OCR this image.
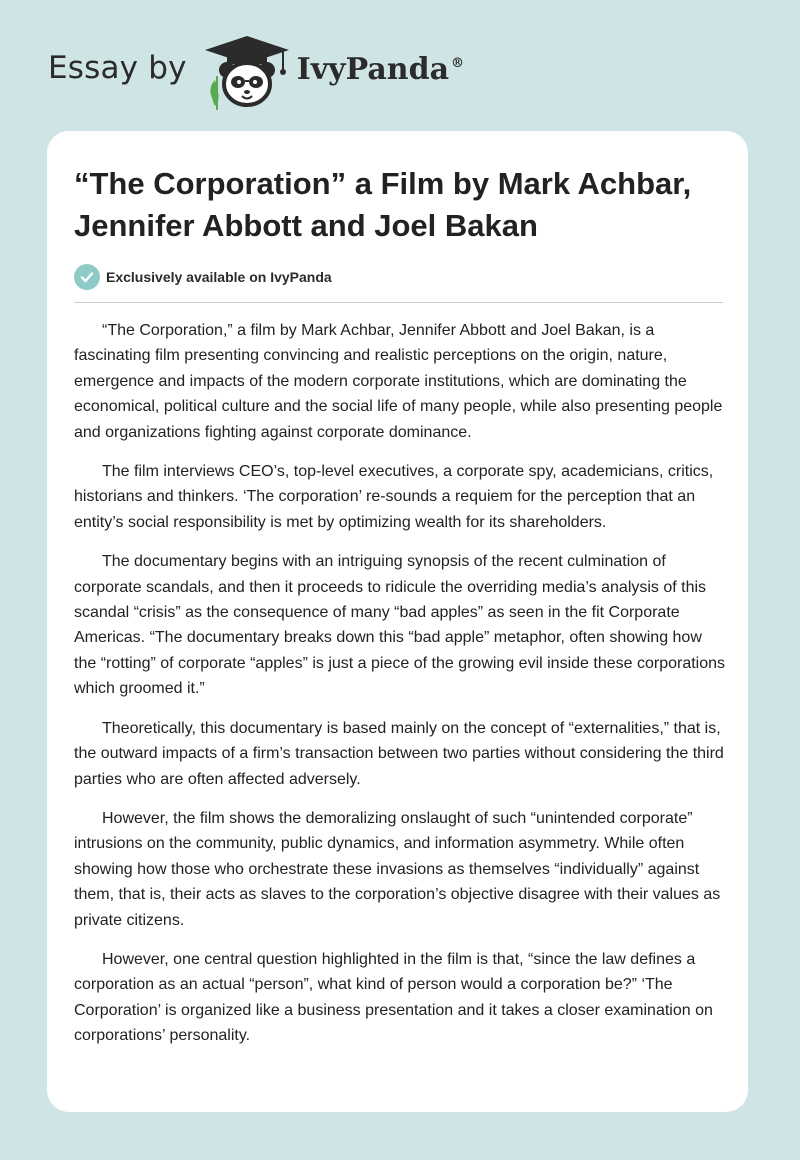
Essay by	IvyPanda®
“The Corporation” a Film by Mark Achbar, Jennifer Abbott and Joel Bakan
Exclusively available on IvyPanda

“The Corporation,” a film by Mark Achbar, Jennifer Abbott and Joel Bakan, is a fascinating film presenting convincing and realistic perceptions on the origin, nature, emergence and impacts of the modern corporate institutions, which are dominating the economical, political culture and the social life of many people, while also presenting people and organizations fighting against corporate dominance.

The film interviews CEO’s, top-level executives, a corporate spy, academicians, critics, historians and thinkers. ‘The corporation’ re-sounds a requiem for the perception that an entity’s social responsibility is met by optimizing wealth for its shareholders.

The documentary begins with an intriguing synopsis of the recent culmination of corporate scandals, and then it proceeds to ridicule the overriding media’s analysis of this scandal “crisis” as the consequence of many “bad apples” as seen in the fit Corporate Americas. “The documentary breaks down this “bad apple” metaphor, often showing how the “rotting” of corporate “apples” is just a piece of the growing evil inside these corporations which groomed it.”

Theoretically, this documentary is based mainly on the concept of “externalities,” that is, the outward impacts of a firm’s transaction between two parties without considering the third parties who are often affected adversely.

However, the film shows the demoralizing onslaught of such “unintended corporate” intrusions on the community, public dynamics, and information asymmetry. While often showing how those who orchestrate these invasions as themselves “individually” against them, that is, their acts as slaves to the corporation’s objective disagree with their values as private citizens.

However, one central question highlighted in the film is that, “since the law defines a corporation as an actual “person”, what kind of person would a corporation be?” ‘The Corporation’ is organized like a business presentation and it takes a closer examination on corporations’ personality.
